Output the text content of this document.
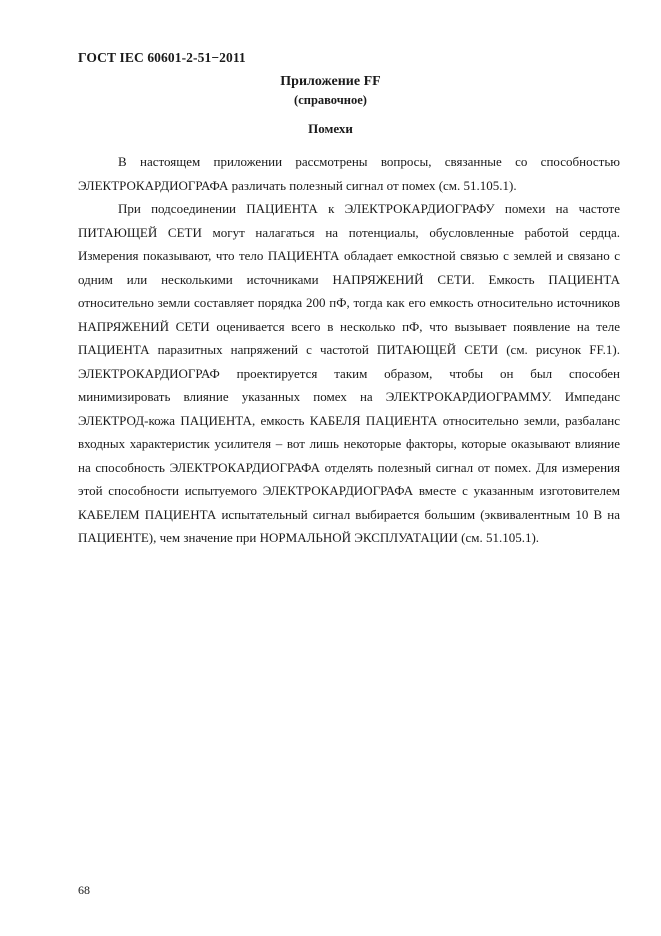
ГОСТ IEC 60601-2-51−2011
Приложение FF
(справочное)
Помехи

В настоящем приложении рассмотрены вопросы, связанные со способностью ЭЛЕКТРОКАРДИОГРАФА различать полезный сигнал от помех (см. 51.105.1).

При подсоединении ПАЦИЕНТА к ЭЛЕКТРОКАРДИОГРАФУ помехи на частоте ПИТАЮЩЕЙ СЕТИ могут налагаться на потенциалы, обусловленные работой сердца. Измерения показывают, что тело ПАЦИЕНТА обладает емкостной связью с землей и связано с одним или несколькими источниками НАПРЯЖЕНИЙ СЕТИ. Емкость ПАЦИЕНТА относительно земли составляет порядка 200 пФ, тогда как его емкость относительно источников НАПРЯЖЕНИЙ СЕТИ оценивается всего в несколько пФ, что вызывает появление на теле ПАЦИЕНТА паразитных напряжений с частотой ПИТАЮЩЕЙ СЕТИ (см. рисунок FF.1). ЭЛЕКТРОКАРДИОГРАФ проектируется таким образом, чтобы он был способен минимизировать влияние указанных помех на ЭЛЕКТРОКАРДИОГРАММУ. Импеданс ЭЛЕКТРОД-кожа ПАЦИЕНТА, емкость КАБЕЛЯ ПАЦИЕНТА относительно земли, разбаланс входных характеристик усилителя – вот лишь некоторые факторы, которые оказывают влияние на способность ЭЛЕКТРОКАРДИОГРАФА отделять полезный сигнал от помех. Для измерения этой способности испытуемого ЭЛЕКТРОКАРДИОГРАФА вместе с указанным изготовителем КАБЕЛЕМ ПАЦИЕНТА испытательный сигнал выбирается большим (эквивалентным 10 В на ПАЦИЕНТЕ), чем значение при НОРМАЛЬНОЙ ЭКСПЛУАТАЦИИ (см. 51.105.1).

68
